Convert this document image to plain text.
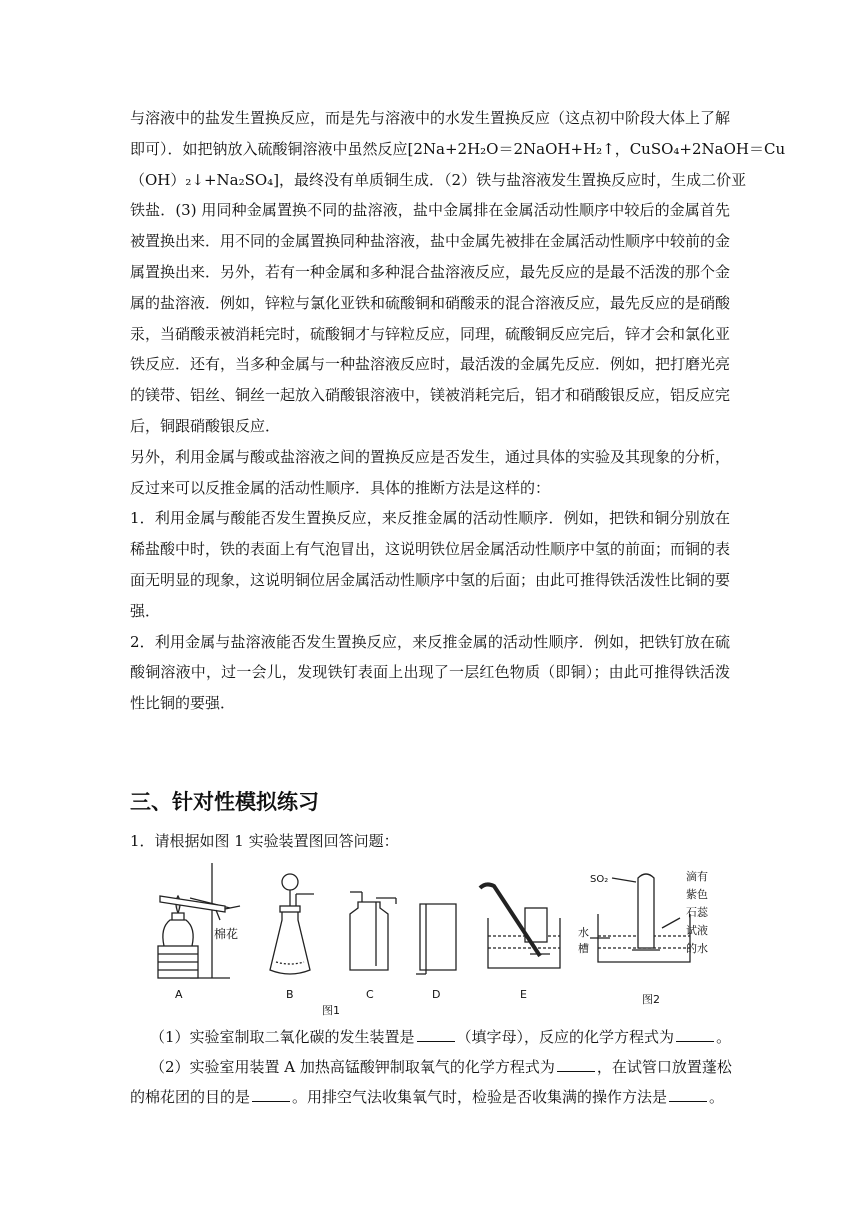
与溶液中的盐发生置换反应，而是先与溶液中的水发生置换反应（这点初中阶段大体上了解
即可）．如把钠放入硫酸铜溶液中虽然反应[2Na+2H₂O＝2NaOH+H₂↑，CuSO₄+2NaOH＝Cu
（OH）₂↓+Na₂SO₄]，最终没有单质铜生成．（2）铁与盐溶液发生置换反应时，生成二价亚
铁盐．(3) 用同种金属置换不同的盐溶液，盐中金属排在金属活动性顺序中较后的金属首先
被置换出来．用不同的金属置换同种盐溶液，盐中金属先被排在金属活动性顺序中较前的金
属置换出来．另外，若有一种金属和多种混合盐溶液反应，最先反应的是最不活泼的那个金
属的盐溶液．例如，锌粒与氯化亚铁和硫酸铜和硝酸汞的混合溶液反应，最先反应的是硝酸
汞，当硝酸汞被消耗完时，硫酸铜才与锌粒反应，同理，硫酸铜反应完后，锌才会和氯化亚
铁反应．还有，当多种金属与一种盐溶液反应时，最活泼的金属先反应．例如，把打磨光亮
的镁带、铝丝、铜丝一起放入硝酸银溶液中，镁被消耗完后，铝才和硝酸银反应，铝反应完
后，铜跟硝酸银反应．
另外，利用金属与酸或盐溶液之间的置换反应是否发生，通过具体的实验及其现象的分析，
反过来可以反推金属的活动性顺序．具体的推断方法是这样的：
1．利用金属与酸能否发生置换反应，来反推金属的活动性顺序．例如，把铁和铜分别放在
稀盐酸中时，铁的表面上有气泡冒出，这说明铁位居金属活动性顺序中氢的前面；而铜的表
面无明显的现象，这说明铜位居金属活动性顺序中氢的后面；由此可推得铁活泼性比铜的要
强．
2．利用金属与盐溶液能否发生置换反应，来反推金属的活动性顺序．例如，把铁钉放在硫
酸铜溶液中，过一会儿，发现铁钉表面上出现了一层红色物质（即铜）；由此可推得铁活泼
性比铜的要强．
三、针对性模拟练习
1．请根据如图 1 实验装置图回答问题：
A	B	C	D	E
棉花
图1
图2
SO₂
水
槽
滴有
紫色
石蕊
试液
的水
（1）实验室制取二氧化碳的发生装置是	（填字母），反应的化学方程式为	。
（2）实验室用装置 A 加热高锰酸钾制取氧气的化学方程式为	，在试管口放置蓬松
的棉花团的目的是	。用排空气法收集氧气时，检验是否收集满的操作方法是	。
